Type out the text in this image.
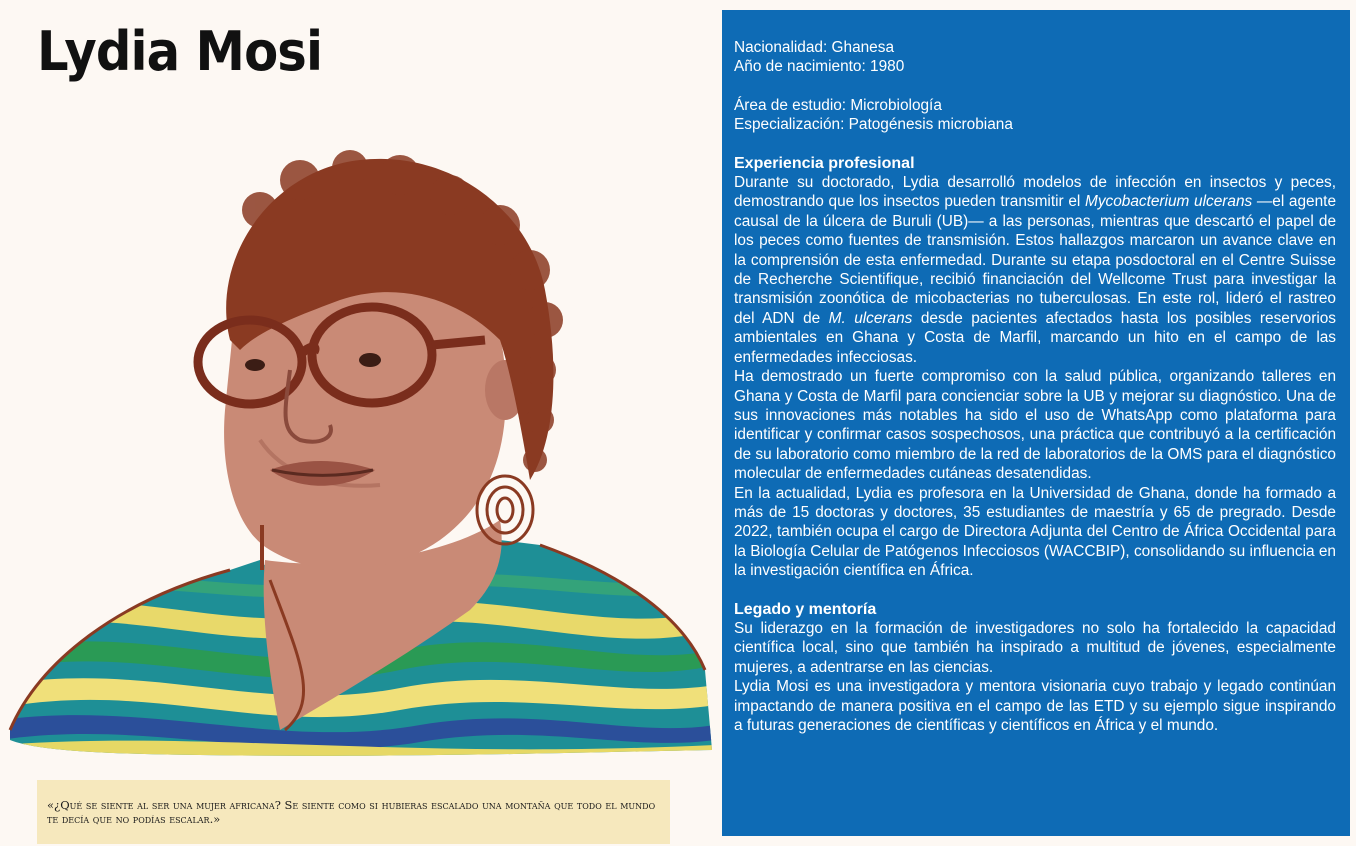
Lydia Mosi
«¿Qué se siente al ser una mujer africana? Se siente como si hubieras escalado una montaña que todo el mundo te decía que no podías escalar.»

Nacionalidad: Ghanesa

Año de nacimiento: 1980

Área de estudio: Microbiología

Especialización: Patogénesis microbiana

Experiencia profesional

Durante su doctorado, Lydia desarrolló modelos de infección en insectos y peces, demostrando que los insectos pueden transmitir el Mycobacterium ulcerans —el agente causal de la úlcera de Buruli (UB)— a las personas, mientras que descartó el papel de los peces como fuentes de transmisión. Estos hallazgos marcaron un avance clave en la comprensión de esta enfermedad. Durante su etapa posdoctoral en el Centre Suisse de Recherche Scientifique, recibió financiación del Wellcome Trust para investigar la transmisión zoonótica de micobacterias no tuberculosas. En este rol, lideró el rastreo del ADN de M. ulcerans desde pacientes afectados hasta los posibles reservorios ambientales en Ghana y Costa de Marfil, marcando un hito en el campo de las enfermedades infecciosas.

Ha demostrado un fuerte compromiso con la salud pública, organizando talleres en Ghana y Costa de Marfil para concienciar sobre la UB y mejorar su diagnóstico. Una de sus innovaciones más notables ha sido el uso de WhatsApp como plataforma para identificar y confirmar casos sospechosos, una práctica que contribuyó a la certificación de su laboratorio como miembro de la red de laboratorios de la OMS para el diagnóstico molecular de enfermedades cutáneas desatendidas.

En la actualidad, Lydia es profesora en la Universidad de Ghana, donde ha formado a más de 15 doctoras y doctores, 35 estudiantes de maestría y 65 de pregrado. Desde 2022, también ocupa el cargo de Directora Adjunta del Centro de África Occidental para la Biología Celular de Patógenos Infecciosos (WACCBIP), consolidando su influencia en la investigación científica en África.

Legado y mentoría

Su liderazgo en la formación de investigadores no solo ha fortalecido la capacidad científica local, sino que también ha inspirado a multitud de jóvenes, especialmente mujeres, a adentrarse en las ciencias.

Lydia Mosi es una investigadora y mentora visionaria cuyo trabajo y legado continúan impactando de manera positiva en el campo de las ETD y su ejemplo sigue inspirando a futuras generaciones de científicas y científicos en África y el mundo.
